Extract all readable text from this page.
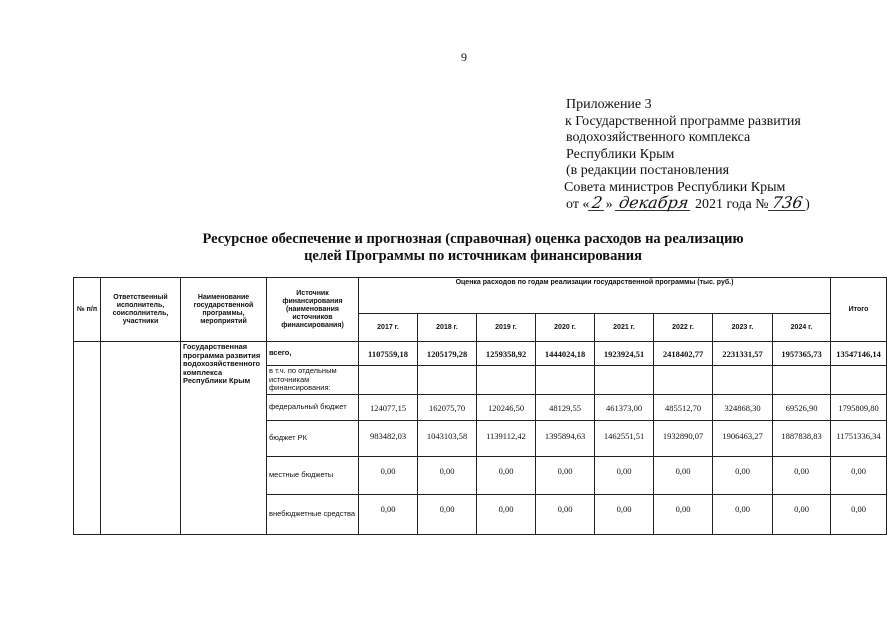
9
Приложение 3
к Государственной программе развития
водохозяйственного комплекса
Республики Крым
(в редакции постановления
Совета министров Республики Крым
от « 2 » декабря 2021 года № 736 )
Ресурсное обеспечение и прогнозная (справочная) оценка расходов на реализацию
целей Программы по источникам финансирования
№ п/п	Ответственный исполнитель, соисполнитель, участники	Наименование государственной программы, мероприятий	Источник финансирования (наименования источников финансирования)	Оценка расходов по годам реализации государственной программы (тыс. руб.)								Итого
				2017 г.	2018 г.	2019 г.	2020 г.	2021 г.	2022 г.	2023 г.	2024 г.	
		Государственная программа развития водохозяйственного комплекса Республики Крым	всего,	1107559,18	1205179,28	1259358,92	1444024,18	1923924,51	2418402,77	2231331,57	1957365,73	13547146,14
			в т.ч. по отдельным источникам финансирования:									
			федеральный бюджет	124077,15	162075,70	120246,50	48129,55	461373,00	485512,70	324868,30	69526,90	1795809,80
			бюджет РК	983482,03	1043103,58	1139112,42	1395894,63	1462551,51	1932890,07	1906463,27	1887838,83	11751336,34
			местные бюджеты	0,00	0,00	0,00	0,00	0,00	0,00	0,00	0,00	0,00
			внебюджетные средства	0,00	0,00	0,00	0,00	0,00	0,00	0,00	0,00	0,00
